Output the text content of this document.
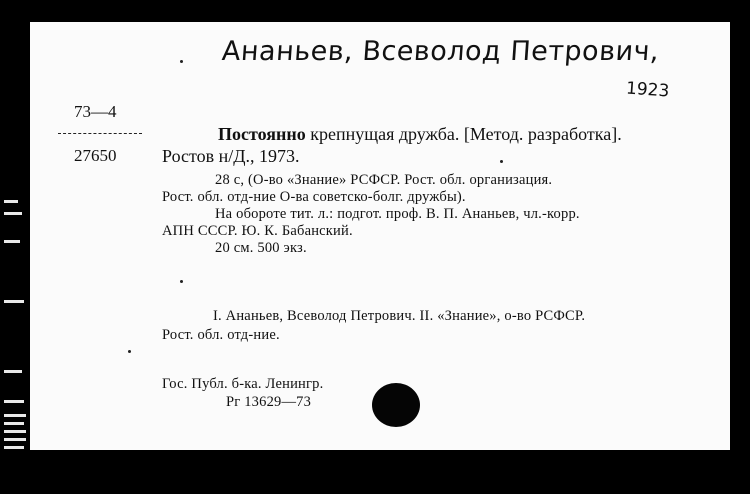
Ананьев, Всеволод Петрович,
1923
73—4
27650
Постоянно крепнущая дружба. [Метод. разработка].
Ростов н/Д., 1973.
28 с, (О-во «Знание» РСФСР. Рост. обл. организация.
Рост. обл. отд-ние О-ва советско-болг. дружбы).
На обороте тит. л.: подгот. проф. В. П. Ананьев, чл.-корр.
АПН СССР. Ю. К. Бабанский.
20 см. 500 экз.
I. Ананьев, Всеволод Петрович. II. «Знание», о-во РСФСР.
Рост. обл. отд-ние.
Гос. Публ. б-ка. Ленингр.
Рг 13629—73
